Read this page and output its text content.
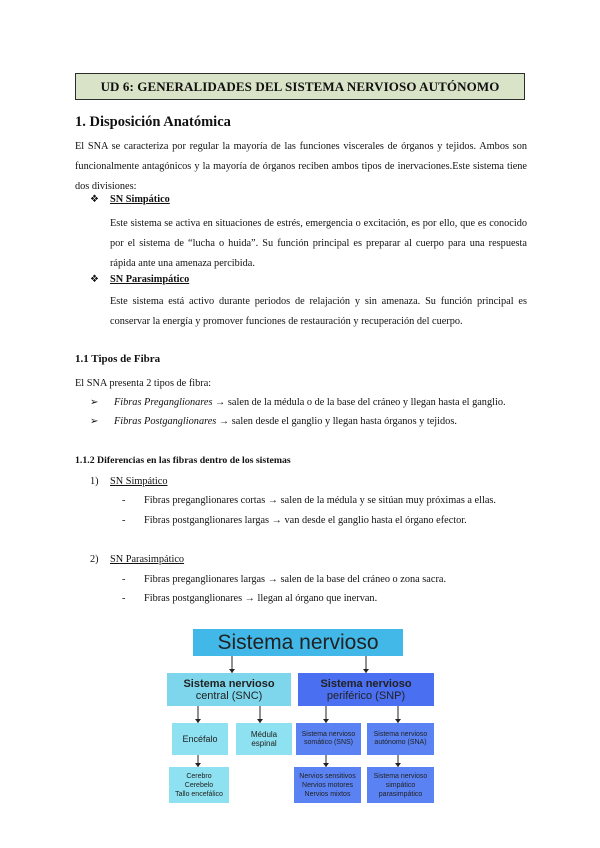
UD 6: GENERALIDADES DEL SISTEMA NERVIOSO AUTÓNOMO
1. Disposición Anatómica
El SNA se caracteriza por regular la mayoría de las funciones viscerales de órganos y tejidos. Ambos son funcionalmente antagónicos y la mayoría de órganos reciben ambos tipos de inervaciones.Este sistema tiene dos divisiones:
❖	SN Simpático
Este sistema se activa en situaciones de estrés, emergencia o excitación, es por ello, que es conocido por el sistema de “lucha o huida”. Su función principal es preparar al cuerpo para una respuesta rápida ante una amenaza percibida.
❖	SN Parasimpático
Este sistema está activo durante periodos de relajación y sin amenaza. Su función principal es conservar la energía y promover funciones de restauración y recuperación del cuerpo.
1.1 Tipos de Fibra
El SNA presenta 2 tipos de fibra:
➢ Fibras Preganglionares → salen de la médula o de la base del cráneo y llegan hasta el ganglio.
➢ Fibras Postganglionares → salen desde el ganglio y llegan hasta órganos y tejidos.
1.1.2 Diferencias en las fibras dentro de los sistemas
1) SN Simpático
- Fibras preganglionares cortas → salen de la médula y se sitúan muy próximas a ellas.
- Fibras postganglionares largas → van desde el ganglio hasta el órgano efector.
2) SN Parasimpático
- Fibras preganglionares largas → salen de la base del cráneo o zona sacra.
- Fibras postganglionares → llegan al órgano que inervan.
Sistema nervioso
Sistema nervioso
central (SNC)
Sistema nervioso
periférico (SNP)
Encéfalo	Médula
espinal
Sistema nervioso
somático (SNS)
Sistema nervioso
autónomo (SNA)
Cerebro
Cerebelo
Tallo encefálico
Nervios sensitivos
Nervios motores
Nervios mixtos
Sistema nervioso
simpático
parasimpático
